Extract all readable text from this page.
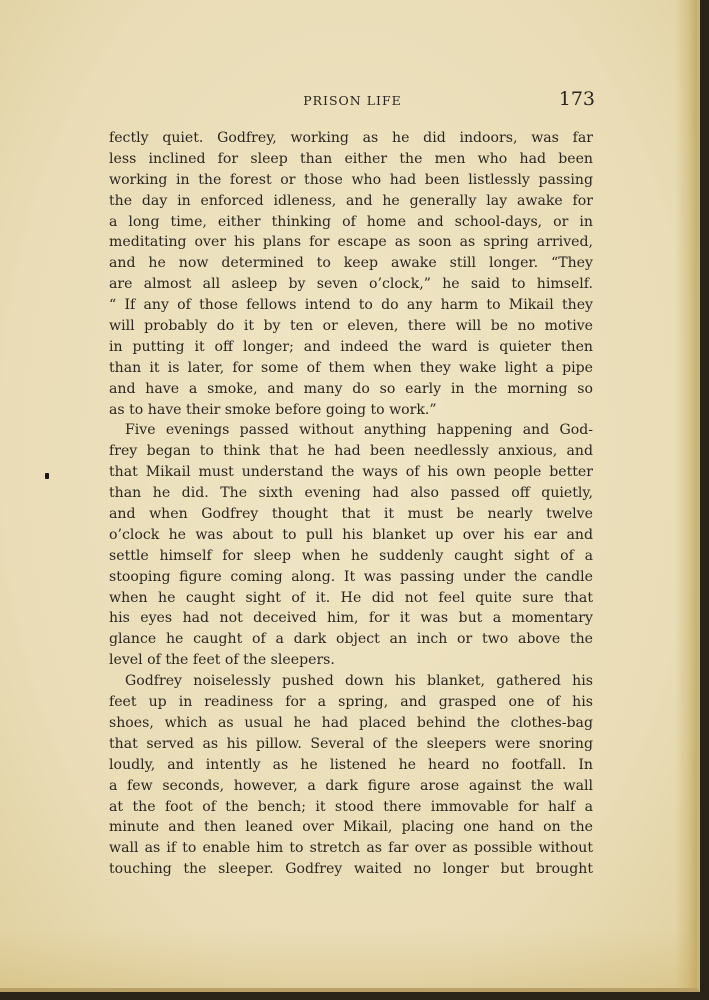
PRISON LIFE	173
fectly quiet. Godfrey, working as he did indoors, was far
less inclined for sleep than either the men who had been
working in the forest or those who had been listlessly passing
the day in enforced idleness, and he generally lay awake for
a long time, either thinking of home and school-days, or in
meditating over his plans for escape as soon as spring arrived,
and he now determined to keep awake still longer. “They
are almost all asleep by seven o’clock,” he said to himself.
“ If any of those fellows intend to do any harm to Mikail they
will probably do it by ten or eleven, there will be no motive
in putting it off longer; and indeed the ward is quieter then
than it is later, for some of them when they wake light a pipe
and have a smoke, and many do so early in the morning so
as to have their smoke before going to work.”
Five evenings passed without anything happening and God-
frey began to think that he had been needlessly anxious, and
that Mikail must understand the ways of his own people better
than he did. The sixth evening had also passed off quietly,
and when Godfrey thought that it must be nearly twelve
o’clock he was about to pull his blanket up over his ear and
settle himself for sleep when he suddenly caught sight of a
stooping figure coming along. It was passing under the candle
when he caught sight of it. He did not feel quite sure that
his eyes had not deceived him, for it was but a momentary
glance he caught of a dark object an inch or two above the
level of the feet of the sleepers.
Godfrey noiselessly pushed down his blanket, gathered his
feet up in readiness for a spring, and grasped one of his
shoes, which as usual he had placed behind the clothes-bag
that served as his pillow. Several of the sleepers were snoring
loudly, and intently as he listened he heard no footfall. In
a few seconds, however, a dark figure arose against the wall
at the foot of the bench; it stood there immovable for half a
minute and then leaned over Mikail, placing one hand on the
wall as if to enable him to stretch as far over as possible without
touching the sleeper. Godfrey waited no longer but brought
